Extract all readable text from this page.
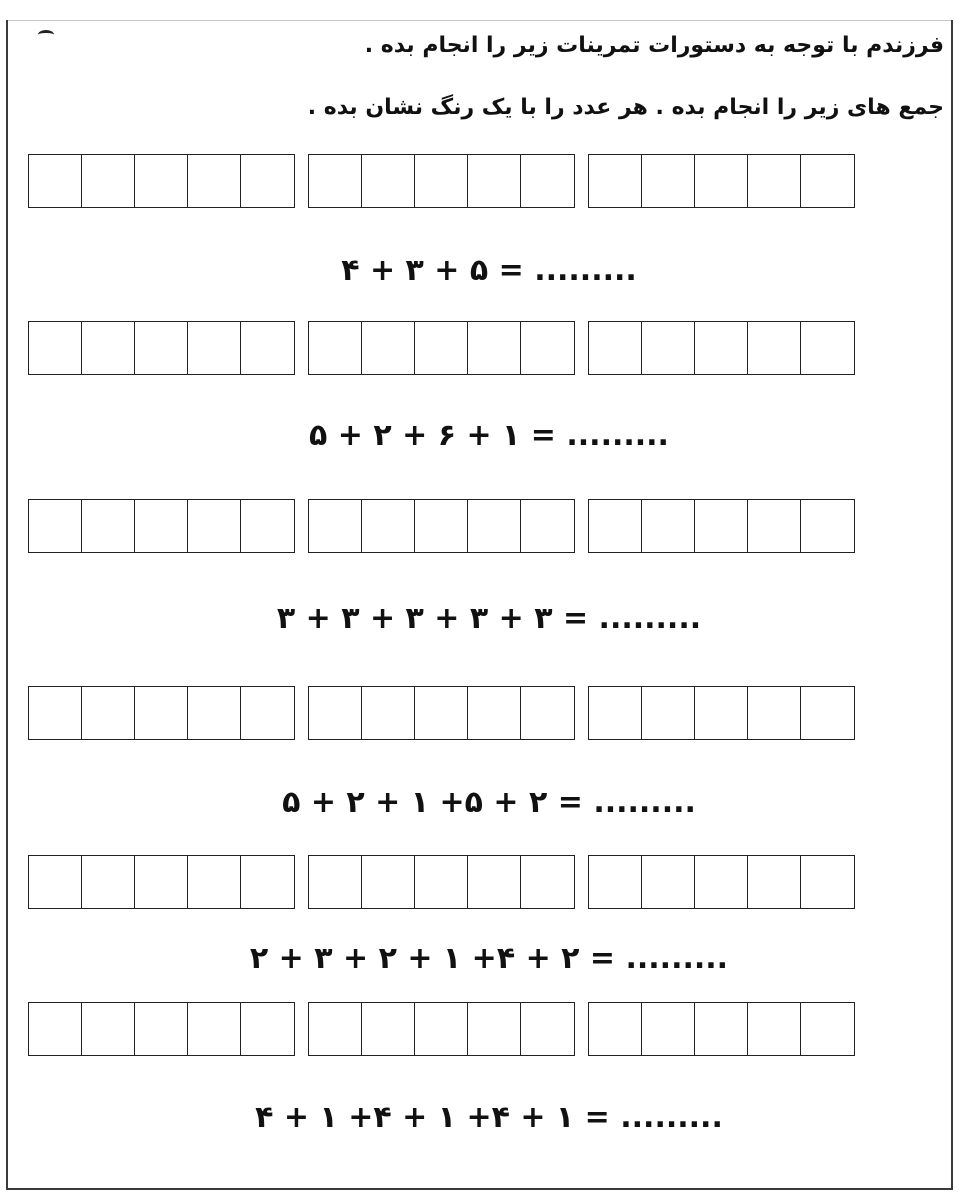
فرزندم با توجه به دستورات تمرینات زیر را انجام بده .
جمع های زیر را انجام بده . هر عدد را با یک رنگ نشان بده .
۴ + ۳ + ۵ = .........
۵ + ۲ + ۶ + ۱ = .........
۳ + ۳ + ۳ + ۳ + ۳ = .........
۵ + ۲ + ۱ +۵ + ۲ = .........
۲ + ۳ + ۲ + ۱ +۴ + ۲ = .........
۴ + ۱ +۴ + ۱ +۴ + ۱ = .........
